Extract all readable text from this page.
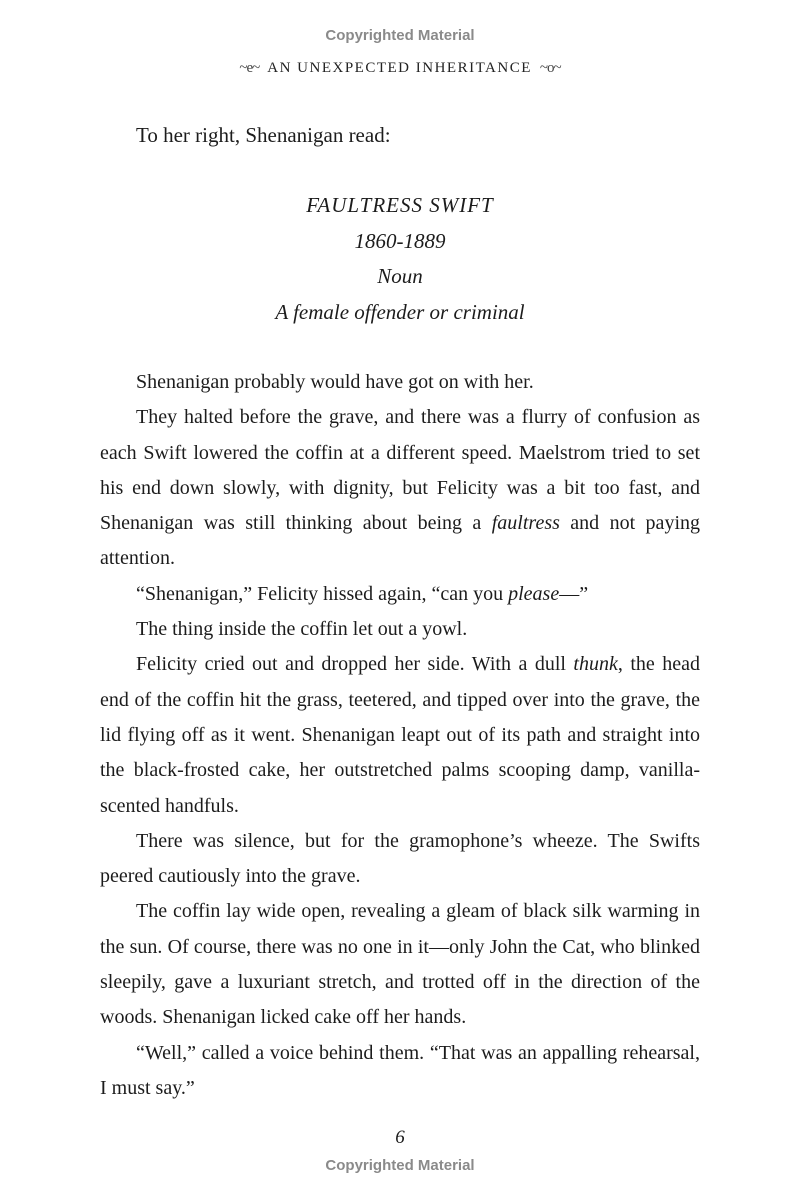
Copyrighted Material
~e~ AN UNEXPECTED INHERITANCE ~o~
To her right, Shenanigan read:
FAULTRESS SWIFT
1860-1889
Noun
A female offender or criminal

Shenanigan probably would have got on with her.

They halted before the grave, and there was a flurry of confusion as each Swift lowered the coffin at a different speed. Maelstrom tried to set his end down slowly, with dignity, but Felicity was a bit too fast, and Shenanigan was still thinking about being a faultress and not paying attention.

“Shenanigan,” Felicity hissed again, “can you please—”

The thing inside the coffin let out a yowl.

Felicity cried out and dropped her side. With a dull thunk, the head end of the coffin hit the grass, teetered, and tipped over into the grave, the lid flying off as it went. Shenanigan leapt out of its path and straight into the black-frosted cake, her outstretched palms scooping damp, vanilla-scented handfuls.

There was silence, but for the gramophone’s wheeze. The Swifts peered cautiously into the grave.

The coffin lay wide open, revealing a gleam of black silk warming in the sun. Of course, there was no one in it—only John the Cat, who blinked sleepily, gave a luxuriant stretch, and trotted off in the direction of the woods. Shenanigan licked cake off her hands.

“Well,” called a voice behind them. “That was an appalling rehearsal, I must say.”

6
Copyrighted Material
